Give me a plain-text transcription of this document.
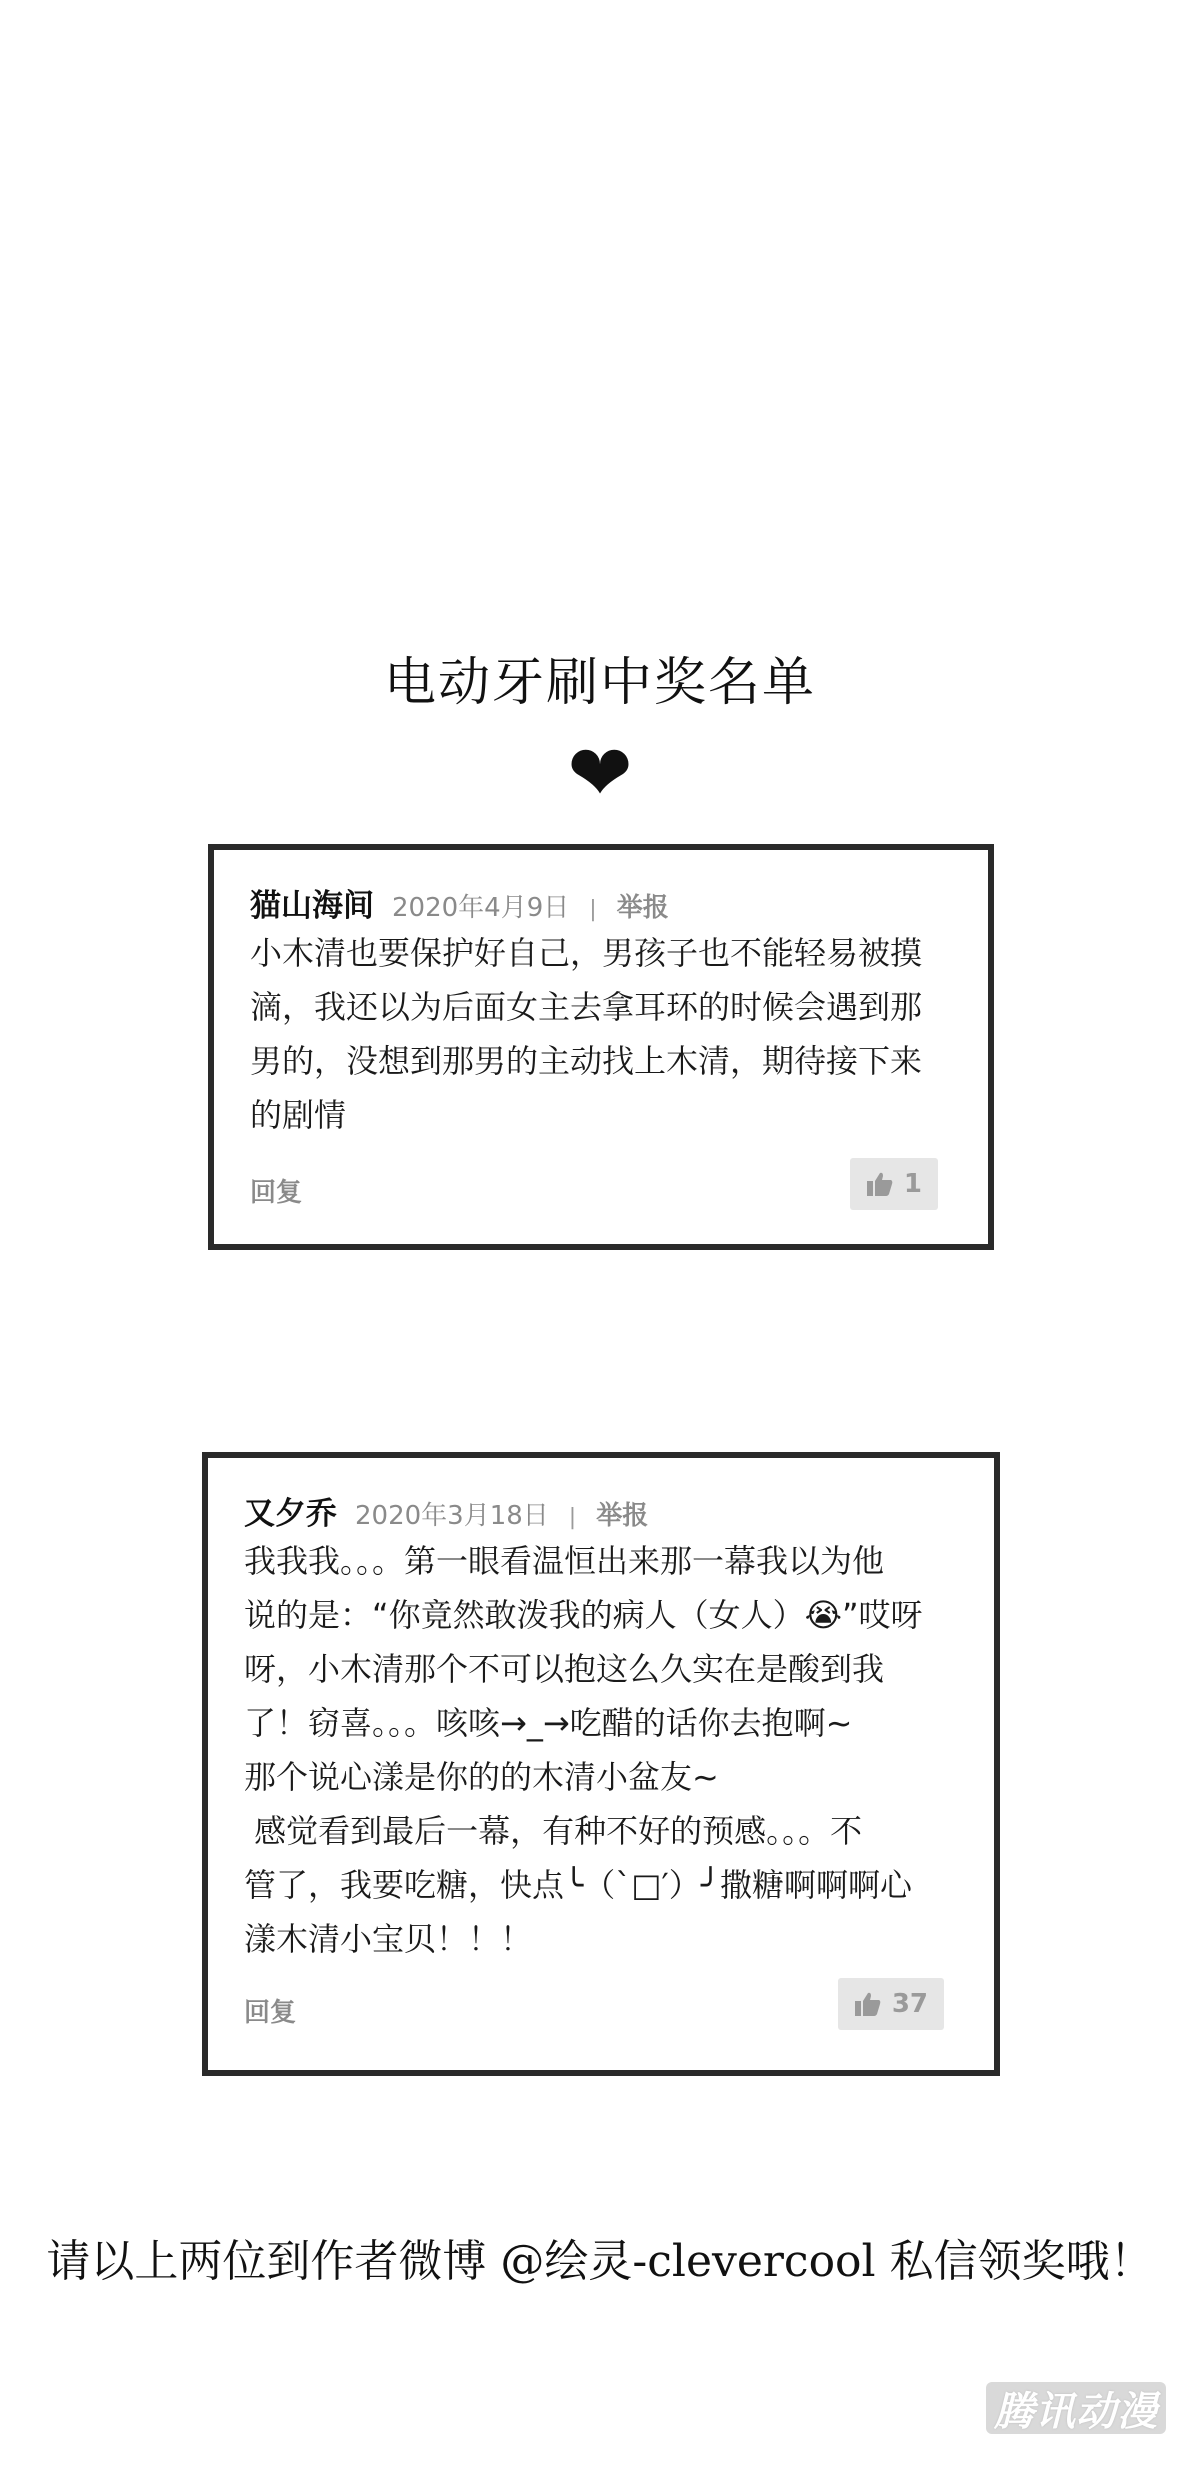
电动牙刷中奖名单
❤
猫山海间 2020年4月9日 | 举报
小木清也要保护好自己，男孩子也不能轻易被摸
滴，我还以为后面女主去拿耳环的时候会遇到那
男的，没想到那男的主动找上木清，期待接下来
的剧情
回复	1
又夕乔 2020年3月18日 | 举报
我我我。。。第一眼看温恒出来那一幕我以为他
说的是：“你竟然敢泼我的病人（女人）😭”哎呀
呀，小木清那个不可以抱这么久实在是酸到我
了！窃喜。。。咳咳→_→吃醋的话你去抱啊~
那个说心漾是你的的木清小盆友~
感觉看到最后一幕，有种不好的预感。。。不
管了，我要吃糖，快点╰（`□′）╯撒糖啊啊啊心
漾木清小宝贝！！！
回复	37
请以上两位到作者微博 @绘灵-clevercool 私信领奖哦！
腾讯动漫
